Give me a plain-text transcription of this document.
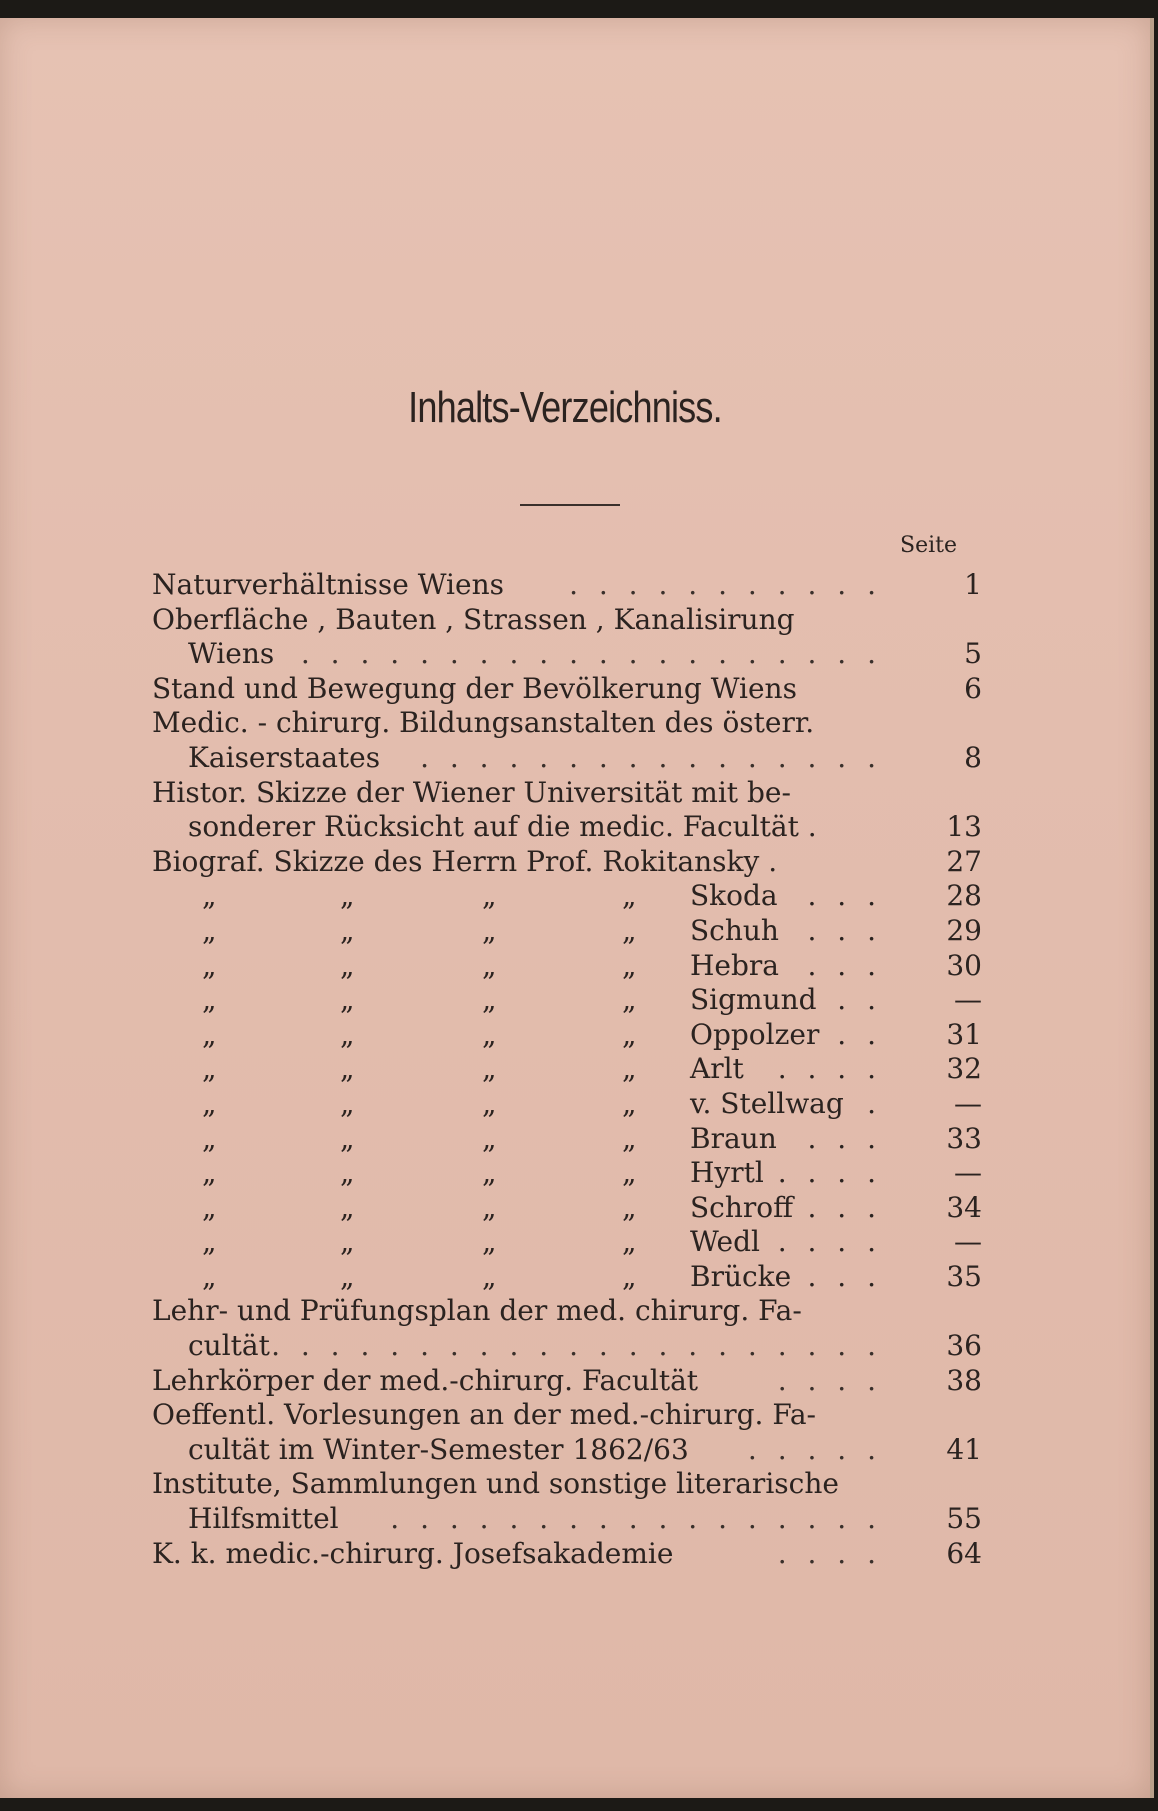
Inhalts-Verzeichniss.
Seite
Naturverhältnisse Wiens . . . . . . . . . . .	1
Oberfläche , Bauten , Strassen , Kanalisirung
Wiens . . . . . . . . . . . . . . . . . . . .	5
Stand und Bewegung der Bevölkerung Wiens	6
Medic. - chirurg. Bildungsanstalten des österr.
Kaiserstaates . . . . . . . . . . . . . . . .	8
Histor. Skizze der Wiener Universität mit be-
sonderer Rücksicht auf die medic. Facultät .	13
Biograf. Skizze des Herrn Prof. Rokitansky .	27
„	„	„	„ Skoda . . .	28
„	„	„	„ Schuh . . .	29
„	„	„	„ Hebra . . .	30
„	„	„	„ Sigmund . .	—
„	„	„	„ Oppolzer . .	31
„	„	„	„ Arlt . . . .	32
„	„	„	„ v. Stellwag .	—
„	„	„	„ Braun . . .	33
„	„	„	„ Hyrtl . . . .	—
„	„	„	„ Schroff . . .	34
„	„	„	„ Wedl . . . .	—
„	„	„	„ Brücke . . .	35
Lehr- und Prüfungsplan der med. chirurg. Fa-
cultät . . . . . . . . . . . . . . . . . . . . .	36
Lehrkörper der med.-chirurg. Facultät	. . . .	38
Oeffentl. Vorlesungen an der med.-chirurg. Fa-
cultät im Winter-Semester 1862/63 . . . . .	41
Institute, Sammlungen und sonstige literarische
Hilfsmittel . . . . . . . . . . . . . . . . .	55
K. k. medic.-chirurg. Josefsakademie	. . . .	64
